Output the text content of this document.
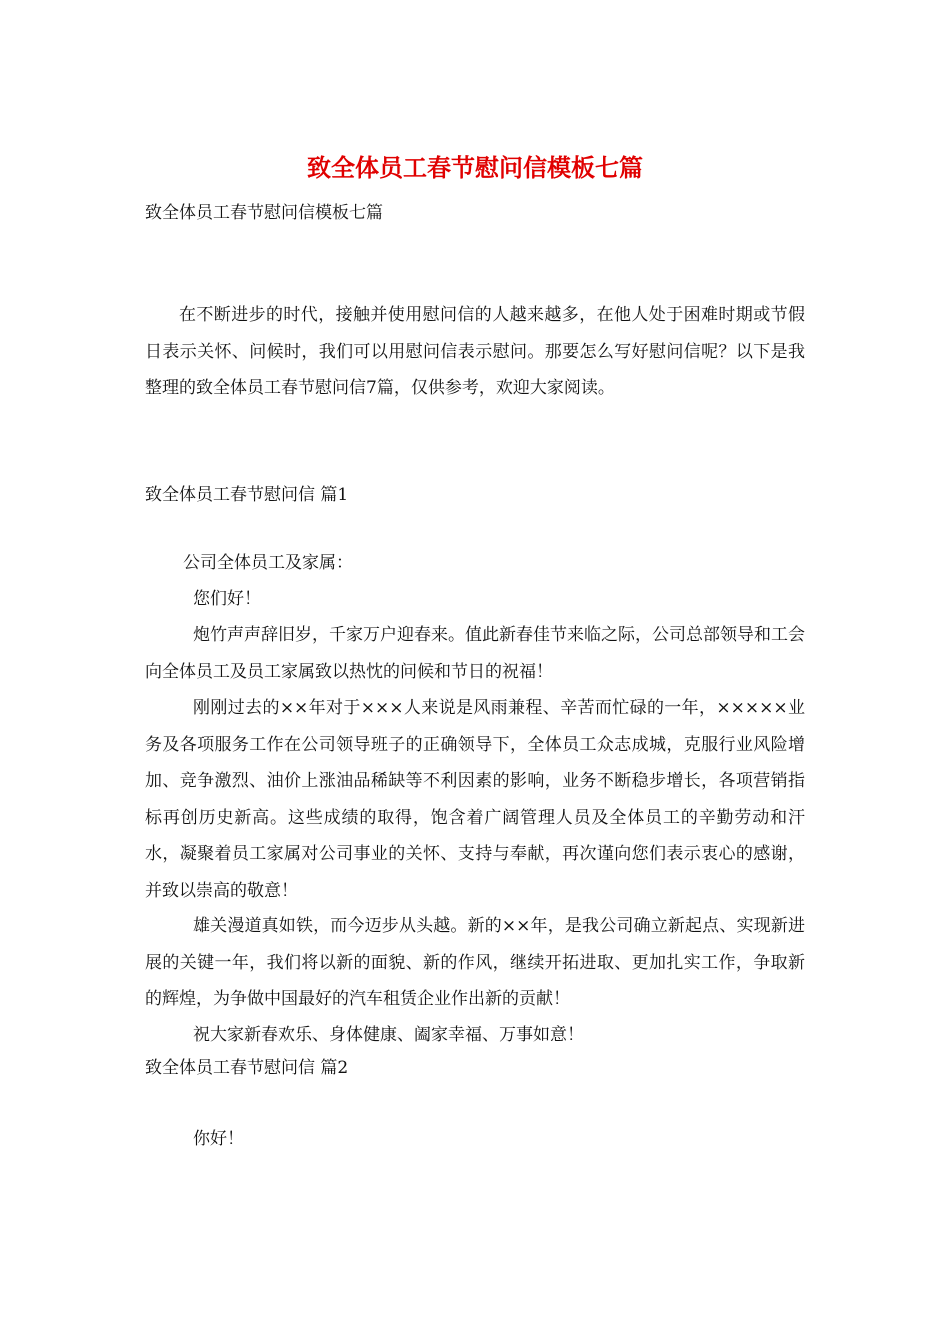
致全体员工春节慰问信模板七篇

致全体员工春节慰问信模板七篇

在不断进步的时代，接触并使用慰问信的人越来越多，在他人处于困难时期或节假日表示关怀、问候时，我们可以用慰问信表示慰问。那要怎么写好慰问信呢？以下是我整理的致全体员工春节慰问信7篇，仅供参考，欢迎大家阅读。

致全体员工春节慰问信 篇1

公司全体员工及家属：

您们好！

炮竹声声辞旧岁，千家万户迎春来。值此新春佳节来临之际，公司总部领导和工会向全体员工及员工家属致以热忱的问候和节日的祝福！

刚刚过去的××年对于×××人来说是风雨兼程、辛苦而忙碌的一年，×××××业务及各项服务工作在公司领导班子的正确领导下，全体员工众志成城，克服行业风险增加、竞争激烈、油价上涨油品稀缺等不利因素的影响，业务不断稳步增长，各项营销指标再创历史新高。这些成绩的取得，饱含着广阔管理人员及全体员工的辛勤劳动和汗水，凝聚着员工家属对公司事业的关怀、支持与奉献，再次谨向您们表示衷心的感谢，并致以崇高的敬意！

雄关漫道真如铁，而今迈步从头越。新的××年，是我公司确立新起点、实现新进展的关键一年，我们将以新的面貌、新的作风，继续开拓进取、更加扎实工作，争取新的辉煌，为争做中国最好的汽车租赁企业作出新的贡献！

祝大家新春欢乐、身体健康、阖家幸福、万事如意！

致全体员工春节慰问信 篇2

你好！
